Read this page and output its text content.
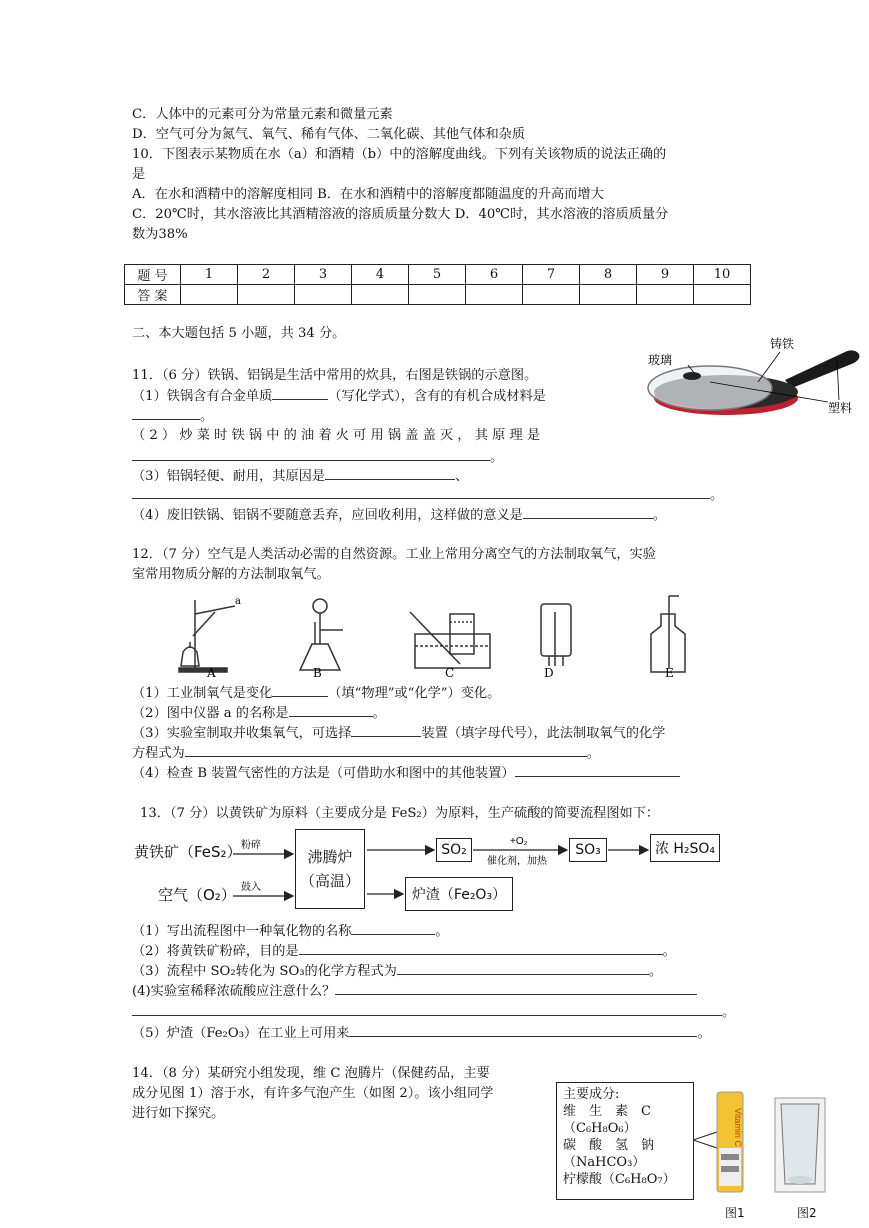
C．人体中的元素可分为常量元素和微量元素
D．空气可分为氮气、氧气、稀有气体、二氧化碳、其他气体和杂质
10．下图表示某物质在水（a）和酒精（b）中的溶解度曲线。下列有关该物质的说法正确的
是
A．在水和酒精中的溶解度相同 B．在水和酒精中的溶解度都随温度的升高而增大
C．20℃时，其水溶液比其酒精溶液的溶质质量分数大 D．40℃时，其水溶液的溶质质量分
数为38%
题 号	1	2	3	4	5	6	7	8	9	10
答 案										
二、本大题包括 5 小题，共 34 分。
11．（6 分）铁锅、铝锅是生活中常用的炊具，右图是铁锅的示意图。
（1）铁锅含有合金单质	（写化学式），含有的有机合成材料是
。
（ 2 ） 炒 菜 时 铁 锅 中 的 油 着 火 可 用 锅 盖 盖 灭 ， 其 原 理 是
。
（3）铝锅轻便、耐用，其原因是	、
。
（4）废旧铁锅、铝锅不要随意丢弃，应回收利用，这样做的意义是	。
玻璃
铸铁
塑料
12．（7 分）空气是人类活动必需的自然资源。工业上常用分离空气的方法制取氧气，实验
室常用物质分解的方法制取氧气。
a
A	B	C	D	E
（1）工业制氧气是变化	（填“物理”或“化学”）变化。
（2）图中仪器 a 的名称是	。
（3）实验室制取并收集氧气，可选择	装置（填字母代号），此法制取氧气的化学
方程式为	。
（4）检查 B 装置气密性的方法是（可借助水和图中的其他装置）
13．（7 分）以黄铁矿为原料（主要成分是 FeS₂）为原料，生产硫酸的简要流程图如下：
黄铁矿（FeS₂）
空气（O₂）
沸腾炉
（高温）
SO₂	SO₃	浓 H₂SO₄
炉渣（Fe₂O₃）
粉碎
鼓入
+O₂
催化剂，加热
（1）写出流程图中一种氧化物的名称	。
（2）将黄铁矿粉碎，目的是	。
（3）流程中 SO₂转化为 SO₃的化学方程式为	。
(4)实验室稀释浓硫酸应注意什么？
。
（5）炉渣（Fe₂O₃）在工业上可用来	。
14．（8 分）某研究小组发现，维 C 泡腾片（保健药品，主要
成分见图 1）溶于水，有许多气泡产生（如图 2）。该小组同学
进行如下探究。
主要成分:
维　生　素　C
（C₆H₈O₆）
碳　酸　氢　钠
（NaHCO₃）
柠檬酸（C₆H₈O₇）
Vitamin C
图1	图2
